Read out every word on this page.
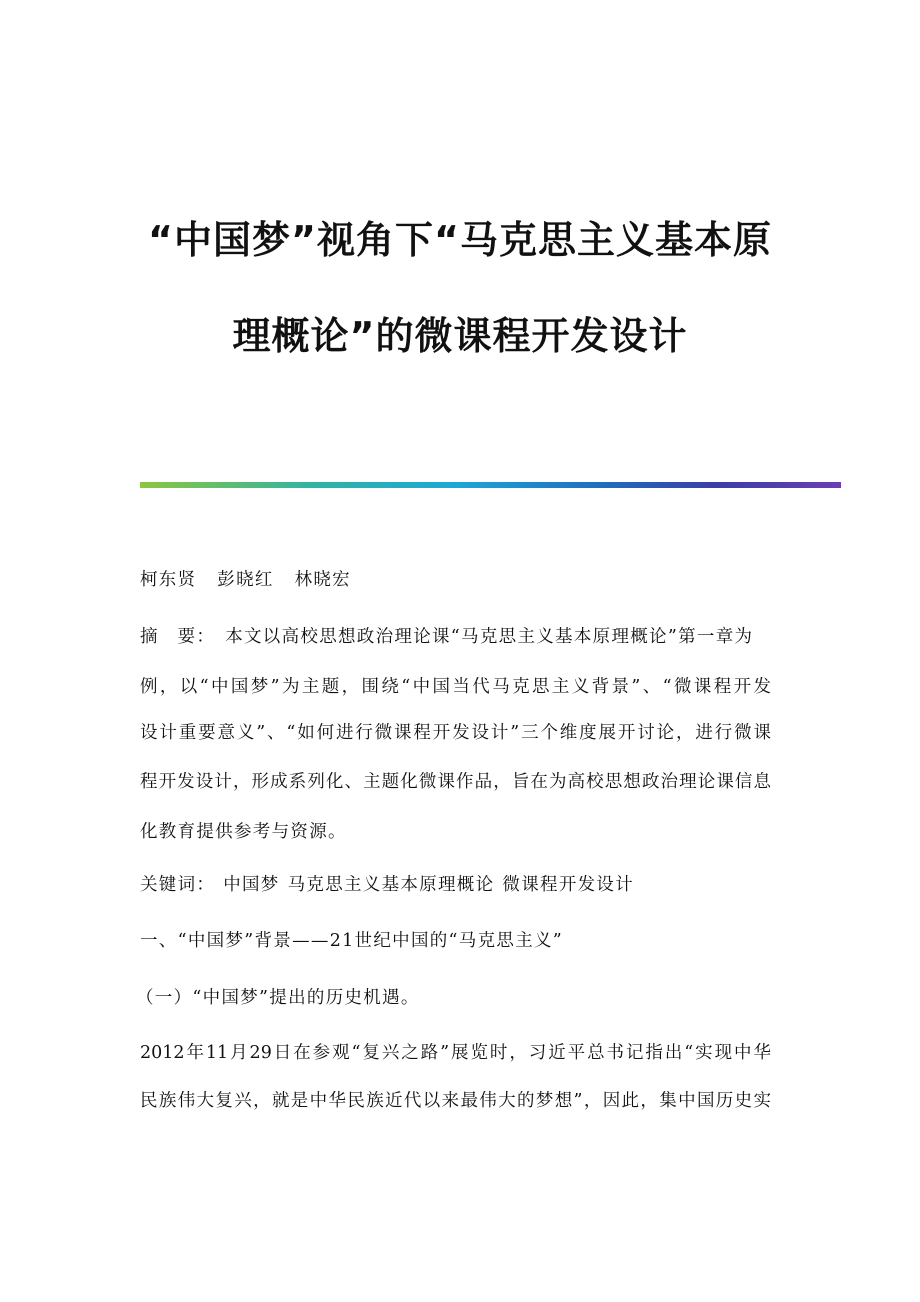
“中国梦”视角下“马克思主义基本原
理概论”的微课程开发设计
柯东贤 彭晓红 林晓宏
摘　要： 本文以高校思想政治理论课“马克思主义基本原理概论”第一章为
例，以“中国梦”为主题，围绕“中国当代马克思主义背景”、“微课程开发
设计重要意义”、“如何进行微课程开发设计”三个维度展开讨论，进行微课
程开发设计，形成系列化、主题化微课作品，旨在为高校思想政治理论课信息
化教育提供参考与资源。
关键词： 中国梦 马克思主义基本原理概论 微课程开发设计
一、“中国梦”背景——21世纪中国的“马克思主义”
（一）“中国梦”提出的历史机遇。
2012年11月29日在参观“复兴之路”展览时，习近平总书记指出“实现中华
民族伟大复兴，就是中华民族近代以来最伟大的梦想”，因此，集中国历史实
